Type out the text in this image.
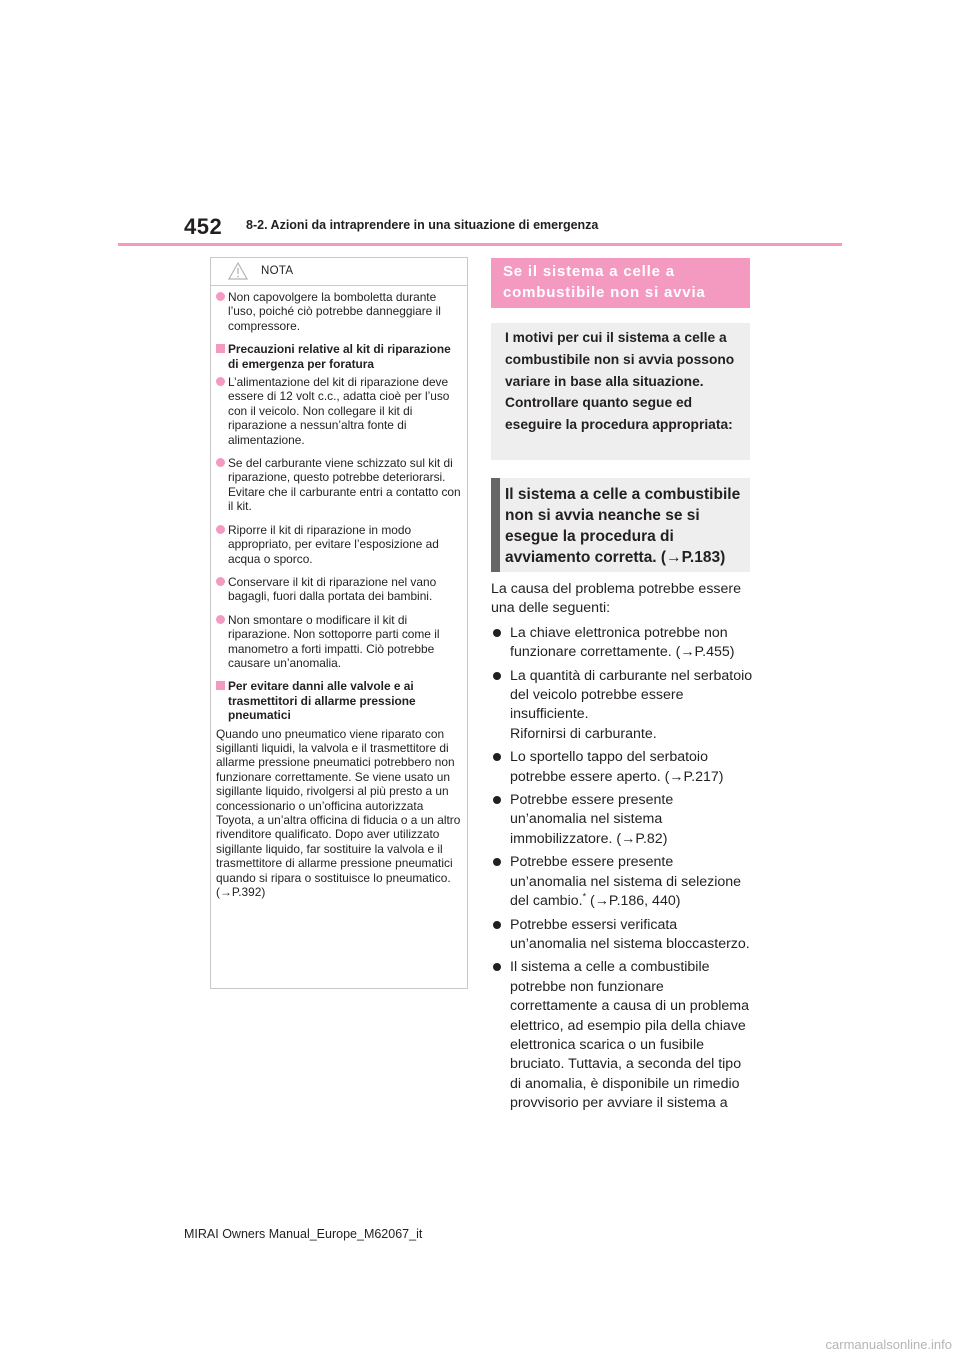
452 8-2. Azioni da intraprendere in una situazione di emergenza
NOTA
Non capovolgere la bomboletta durante l’uso, poiché ciò potrebbe danneggiare il compressore.
Precauzioni relative al kit di riparazione di emergenza per foratura
L’alimentazione del kit di riparazione deve essere di 12 volt c.c., adatta cioè per l’uso con il veicolo. Non collegare il kit di riparazione a nessun’altra fonte di alimentazione.
Se del carburante viene schizzato sul kit di riparazione, questo potrebbe deteriorarsi. Evitare che il carburante entri a contatto con il kit.
Riporre il kit di riparazione in modo appropriato, per evitare l’esposizione ad acqua o sporco.
Conservare il kit di riparazione nel vano bagagli, fuori dalla portata dei bambini.
Non smontare o modificare il kit di riparazione. Non sottoporre parti come il manometro a forti impatti. Ciò potrebbe causare un’anomalia.
Per evitare danni alle valvole e ai trasmettitori di allarme pressione pneumatici

Quando uno pneumatico viene riparato con sigillanti liquidi, la valvola e il trasmettitore di allarme pressione pneumatici potrebbero non funzionare correttamente. Se viene usato un sigillante liquido, rivolgersi al più presto a un concessionario o un’officina autorizzata Toyota, a un’altra officina di fiducia o a un altro rivenditore qualificato. Dopo aver utilizzato sigillante liquido, far sostituire la valvola e il trasmettitore di allarme pressione pneumatici quando si ripara o sostituisce lo pneumatico. (→P.392)

Se il sistema a celle a combustibile non si avvia
I motivi per cui il sistema a celle a combustibile non si avvia possono variare in base alla situazione. Controllare quanto segue ed eseguire la procedura appropriata:
Il sistema a celle a combustibile non si avvia neanche se si esegue la procedura di avviamento corretta. (→P.183)

La causa del problema potrebbe essere una delle seguenti:

La chiave elettronica potrebbe non funzionare correttamente. (→P.455)
La quantità di carburante nel serbatoio del veicolo potrebbe essere insufficiente.
Rifornirsi di carburante.
Lo sportello tappo del serbatoio potrebbe essere aperto. (→P.217)
Potrebbe essere presente un’anomalia nel sistema immobilizzatore. (→P.82)
Potrebbe essere presente un’anomalia nel sistema di selezione del cambio.* (→P.186, 440)
Potrebbe essersi verificata un’anomalia nel sistema bloccasterzo.
Il sistema a celle a combustibile potrebbe non funzionare correttamente a causa di un problema elettrico, ad esempio pila della chiave elettronica scarica o un fusibile bruciato. Tuttavia, a seconda del tipo di anomalia, è disponibile un rimedio provvisorio per avviare il sistema a
MIRAI Owners Manual_Europe_M62067_it
carmanualsonline.info
